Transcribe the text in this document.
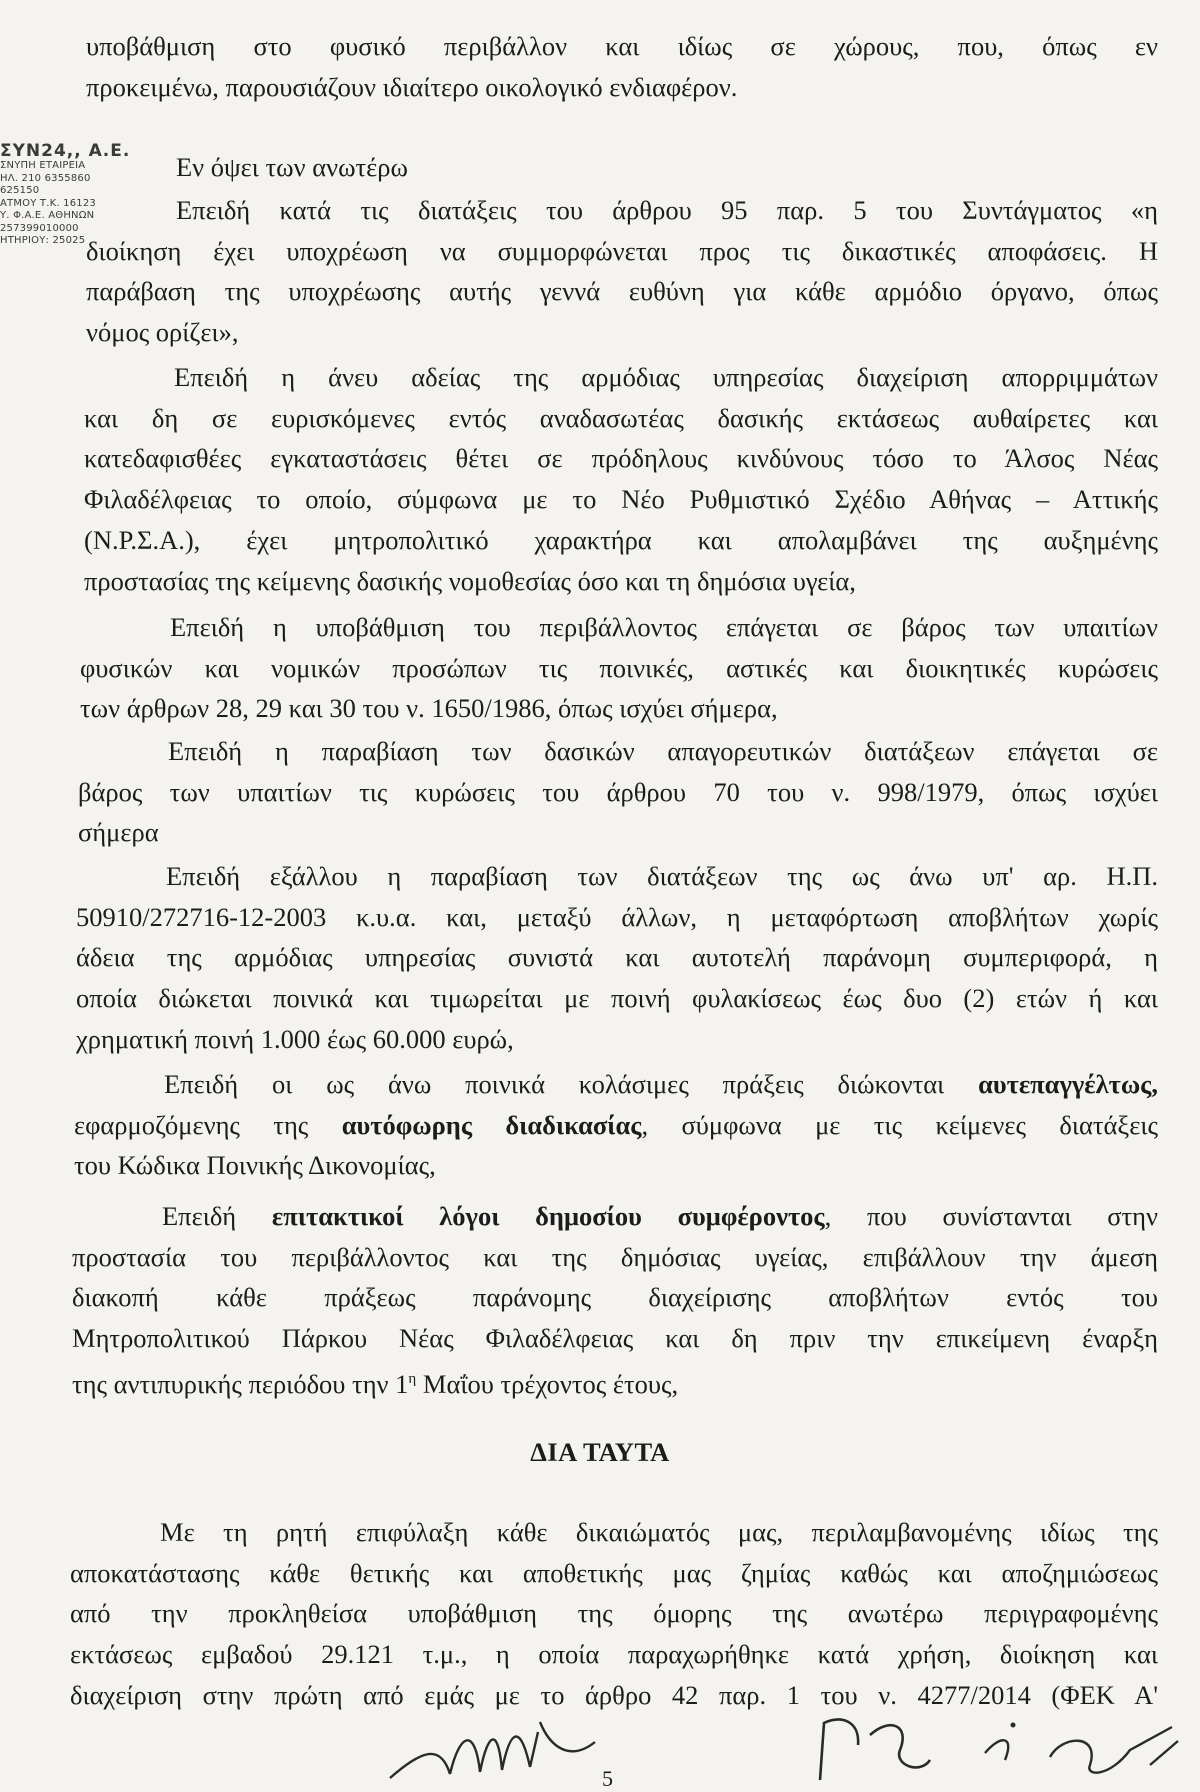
ΣΥΝ24,, Α.Ε.
ΣΝΥΠΗ ΕΤΑΙΡΕΙΑ
ΗΛ. 210 6355860
625150
ΑΤΜΟΥ Τ.Κ. 16123
Υ. Φ.Α.Ε. ΑΘΗΝΩΝ
257399010000
ΗΤΗΡΙΟΥ: 25025
υποβάθμιση στο φυσικό περιβάλλον και ιδίως σε χώρους, που, όπως εν
προκειμένω, παρουσιάζουν ιδιαίτερο οικολογικό ενδιαφέρον.
Εν όψει των ανωτέρω
Επειδή κατά τις διατάξεις του άρθρου 95 παρ. 5 του Συντάγματος «η
διοίκηση έχει υποχρέωση να συμμορφώνεται προς τις δικαστικές αποφάσεις. Η
παράβαση της υποχρέωσης αυτής γεννά ευθύνη για κάθε αρμόδιο όργανο, όπως
νόμος ορίζει»,
Επειδή η άνευ αδείας της αρμόδιας υπηρεσίας διαχείριση απορριμμάτων
και δη σε ευρισκόμενες εντός αναδασωτέας δασικής εκτάσεως αυθαίρετες και
κατεδαφισθέες εγκαταστάσεις θέτει σε πρόδηλους κινδύνους τόσο το Άλσος Νέας
Φιλαδέλφειας το οποίο, σύμφωνα με το Νέο Ρυθμιστικό Σχέδιο Αθήνας – Αττικής
(Ν.Ρ.Σ.Α.), έχει μητροπολιτικό χαρακτήρα και απολαμβάνει της αυξημένης
προστασίας της κείμενης δασικής νομοθεσίας όσο και τη δημόσια υγεία,
Επειδή η υποβάθμιση του περιβάλλοντος επάγεται σε βάρος των υπαιτίων
φυσικών και νομικών προσώπων τις ποινικές, αστικές και διοικητικές κυρώσεις
των άρθρων 28, 29 και 30 του ν. 1650/1986, όπως ισχύει σήμερα,
Επειδή η παραβίαση των δασικών απαγορευτικών διατάξεων επάγεται σε
βάρος των υπαιτίων τις κυρώσεις του άρθρου 70 του ν. 998/1979, όπως ισχύει
σήμερα
Επειδή εξάλλου η παραβίαση των διατάξεων της ως άνω υπ' αρ. Η.Π.
50910/272716-12-2003 κ.υ.α. και, μεταξύ άλλων, η μεταφόρτωση αποβλήτων χωρίς
άδεια της αρμόδιας υπηρεσίας συνιστά και αυτοτελή παράνομη συμπεριφορά, η
οποία διώκεται ποινικά και τιμωρείται με ποινή φυλακίσεως έως δυο (2) ετών ή και
χρηματική ποινή 1.000 έως 60.000 ευρώ,
Επειδή οι ως άνω ποινικά κολάσιμες πράξεις διώκονται αυτεπαγγέλτως,
εφαρμοζόμενης της αυτόφωρης διαδικασίας, σύμφωνα με τις κείμενες διατάξεις
του Κώδικα Ποινικής Δικονομίας,
Επειδή επιτακτικοί λόγοι δημοσίου συμφέροντος, που συνίστανται στην
προστασία του περιβάλλοντος και της δημόσιας υγείας, επιβάλλουν την άμεση
διακοπή κάθε πράξεως παράνομης διαχείρισης αποβλήτων εντός του
Μητροπολιτικού Πάρκου Νέας Φιλαδέλφειας και δη πριν την επικείμενη έναρξη
της αντιπυρικής περιόδου την $1^\eta$ Μαΐου τρέχοντος έτους,
ΔΙΑ ΤΑΥΤΑ
Με τη ρητή επιφύλαξη κάθε δικαιώματός μας, περιλαμβανομένης ιδίως της
αποκατάστασης κάθε θετικής και αποθετικής μας ζημίας καθώς και αποζημιώσεως
από την προκληθείσα υποβάθμιση της όμορης της ανωτέρω περιγραφομένης
εκτάσεως εμβαδού 29.121 τ.μ., η οποία παραχωρήθηκε κατά χρήση, διοίκηση και
διαχείριση στην πρώτη από εμάς με το άρθρο 42 παρ. 1 του ν. 4277/2014 (ΦΕΚ Α'
5
